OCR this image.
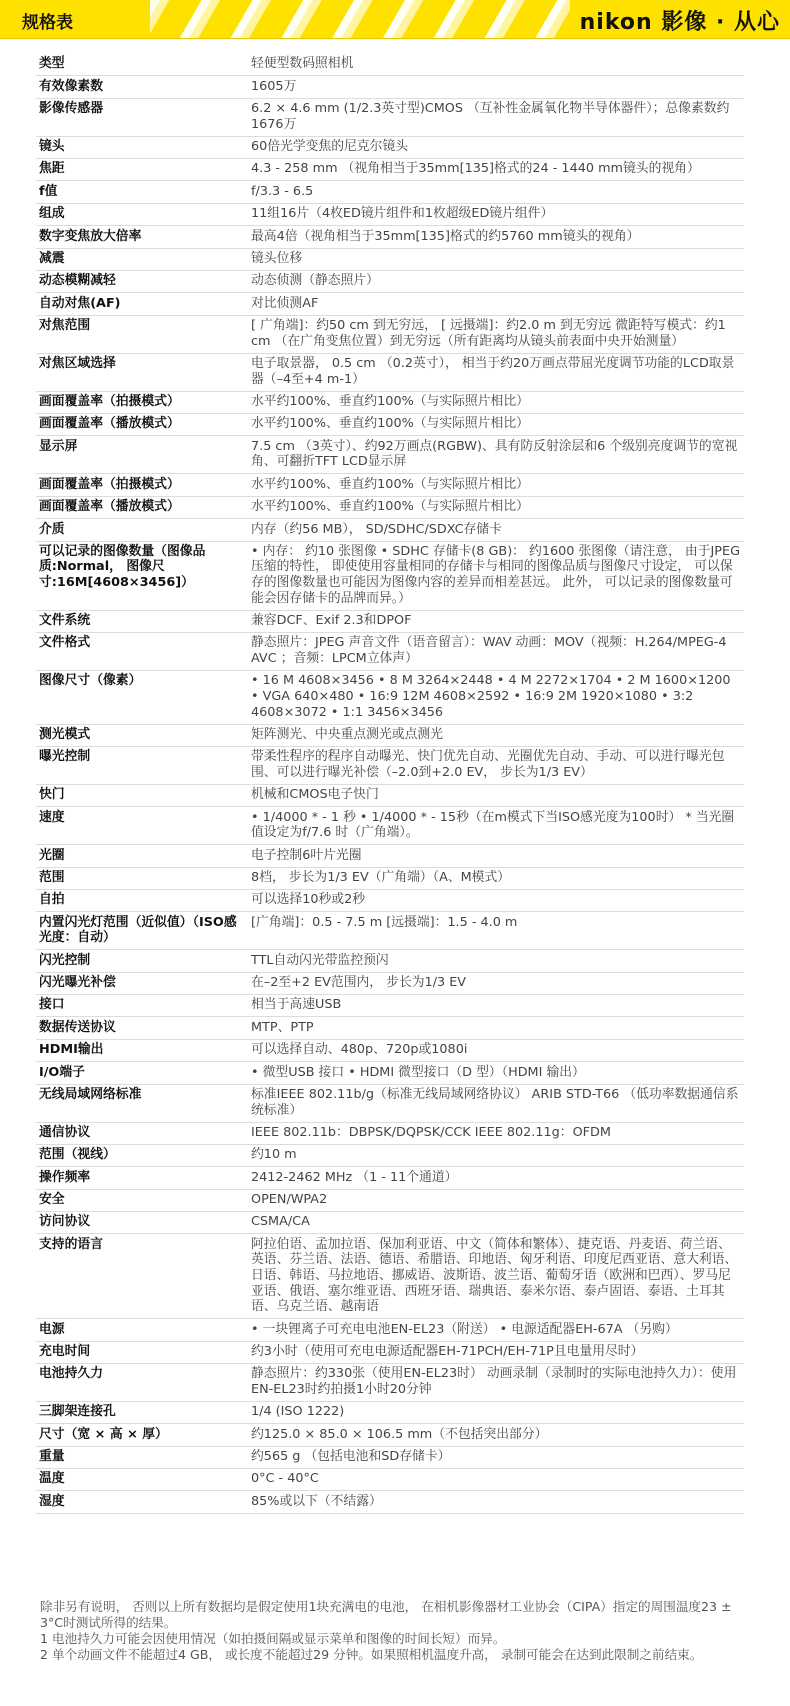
规格表	nikon 影像 · 从心
类型	轻便型数码照相机
有效像素数	1605万
影像传感器	6.2 × 4.6 mm (1/2.3英寸型)CMOS （互补性金属氧化物半导体器件）；总像素数约1676万
镜头	60倍光学变焦的尼克尔镜头
焦距	4.3 - 258 mm （视角相当于35mm[135]格式的24 - 1440 mm镜头的视角）
f值	f/3.3 - 6.5
组成	11组16片（4枚ED镜片组件和1枚超级ED镜片组件）
数字变焦放大倍率	最高4倍（视角相当于35mm[135]格式的约5760 mm镜头的视角）
减震	镜头位移
动态模糊减轻	动态侦测（静态照片）
自动对焦(AF)	对比侦测AF
对焦范围	[ 广角端]：约50 cm 到无穷远， [ 远摄端]：约2.0 m 到无穷远 微距特写模式：约1 cm （在广角变焦位置）到无穷远（所有距离均从镜头前表面中央开始测量）
对焦区域选择	电子取景器， 0.5 cm （0.2英寸）， 相当于约20万画点带屈光度调节功能的LCD取景器（–4至+4 m-1）
画面覆盖率（拍摄模式）	水平约100%、垂直约100%（与实际照片相比）
画面覆盖率（播放模式）	水平约100%、垂直约100%（与实际照片相比）
显示屏	7.5 cm （3英寸）、约92万画点(RGBW)、具有防反射涂层和6 个级别亮度调节的宽视角、可翻折TFT LCD显示屏
画面覆盖率（拍摄模式）	水平约100%、垂直约100%（与实际照片相比）
画面覆盖率（播放模式）	水平约100%、垂直约100%（与实际照片相比）
介质	内存（约56 MB）， SD/SDHC/SDXC存储卡
可以记录的图像数量（图像品质:Normal， 图像尺寸:16M[4608×3456]）	• 内存： 约10 张图像 • SDHC 存储卡(8 GB)： 约1600 张图像（请注意， 由于JPEG压缩的特性， 即使使用容量相同的存储卡与相同的图像品质与图像尺寸设定， 可以保存的图像数量也可能因为图像内容的差异而相差甚远。 此外， 可以记录的图像数量可能会因存储卡的品牌而异。）
文件系统	兼容DCF、Exif 2.3和DPOF
文件格式	静态照片：JPEG 声音文件（语音留言）：WAV 动画：MOV（视频：H.264/MPEG-4 AVC ；音频：LPCM立体声）
图像尺寸（像素）	• 16 M 4608×3456 • 8 M 3264×2448 • 4 M 2272×1704 • 2 M 1600×1200 • VGA 640×480 • 16:9 12M 4608×2592 • 16:9 2M 1920×1080 • 3:2 4608×3072 • 1:1 3456×3456
测光模式	矩阵测光、中央重点测光或点测光
曝光控制	带柔性程序的程序自动曝光、快门优先自动、光圈优先自动、手动、可以进行曝光包围、可以进行曝光补偿（–2.0到+2.0 EV， 步长为1/3 EV）
快门	机械和CMOS电子快门
速度	• 1/4000 * - 1 秒 • 1/4000 * - 15秒（在m模式下当ISO感光度为100时） * 当光圈值设定为f/7.6 时（广角端）。
光圈	电子控制6叶片光圈
范围	8档， 步长为1/3 EV（广角端）（A、M模式）
自拍	可以选择10秒或2秒
内置闪光灯范围（近似值）（ISO感光度：自动）	[广角端]：0.5 - 7.5 m [远摄端]：1.5 - 4.0 m
闪光控制	TTL自动闪光带监控预闪
闪光曝光补偿	在–2至+2 EV范围内， 步长为1/3 EV
接口	相当于高速USB
数据传送协议	MTP、PTP
HDMI输出	可以选择自动、480p、720p或1080i
I/O端子	• 微型USB 接口 • HDMI 微型接口（D 型）（HDMI 输出）
无线局域网络标准	标准IEEE 802.11b/g（标准无线局域网络协议） ARIB STD-T66 （低功率数据通信系统标准）
通信协议	IEEE 802.11b：DBPSK/DQPSK/CCK IEEE 802.11g：OFDM
范围（视线）	约10 m
操作频率	2412-2462 MHz （1 - 11个通道）
安全	OPEN/WPA2
访问协议	CSMA/CA
支持的语言	阿拉伯语、孟加拉语、保加利亚语、中文（简体和繁体）、捷克语、丹麦语、荷兰语、英语、芬兰语、法语、德语、希腊语、印地语、匈牙利语、印度尼西亚语、意大利语、日语、韩语、马拉地语、挪威语、波斯语、波兰语、葡萄牙语（欧洲和巴西）、罗马尼亚语、俄语、塞尔维亚语、西班牙语、瑞典语、泰米尔语、泰卢固语、泰语、土耳其语、乌克兰语、越南语
电源	• 一块锂离子可充电电池EN-EL23（附送） • 电源适配器EH-67A （另购）
充电时间	约3小时（使用可充电电源适配器EH-71PCH/EH-71P且电量用尽时）
电池持久力	静态照片：约330张（使用EN-EL23时） 动画录制（录制时的实际电池持久力）：使用EN-EL23时约拍摄1小时20分钟
三脚架连接孔	1/4 (ISO 1222)
尺寸（宽 × 高 × 厚）	约125.0 × 85.0 × 106.5 mm（不包括突出部分）
重量	约565 g （包括电池和SD存储卡）
温度	0°C - 40°C
湿度	85%或以下（不结露）

除非另有说明， 否则以上所有数据均是假定使用1块充满电的电池， 在相机影像器材工业协会（CIPA）指定的周围温度23 ± 3°C时测试所得的结果。

1 电池持久力可能会因使用情况（如拍摄间隔或显示菜单和图像的时间长短）而异。

2 单个动画文件不能超过4 GB， 或长度不能超过29 分钟。如果照相机温度升高， 录制可能会在达到此限制之前结束。
